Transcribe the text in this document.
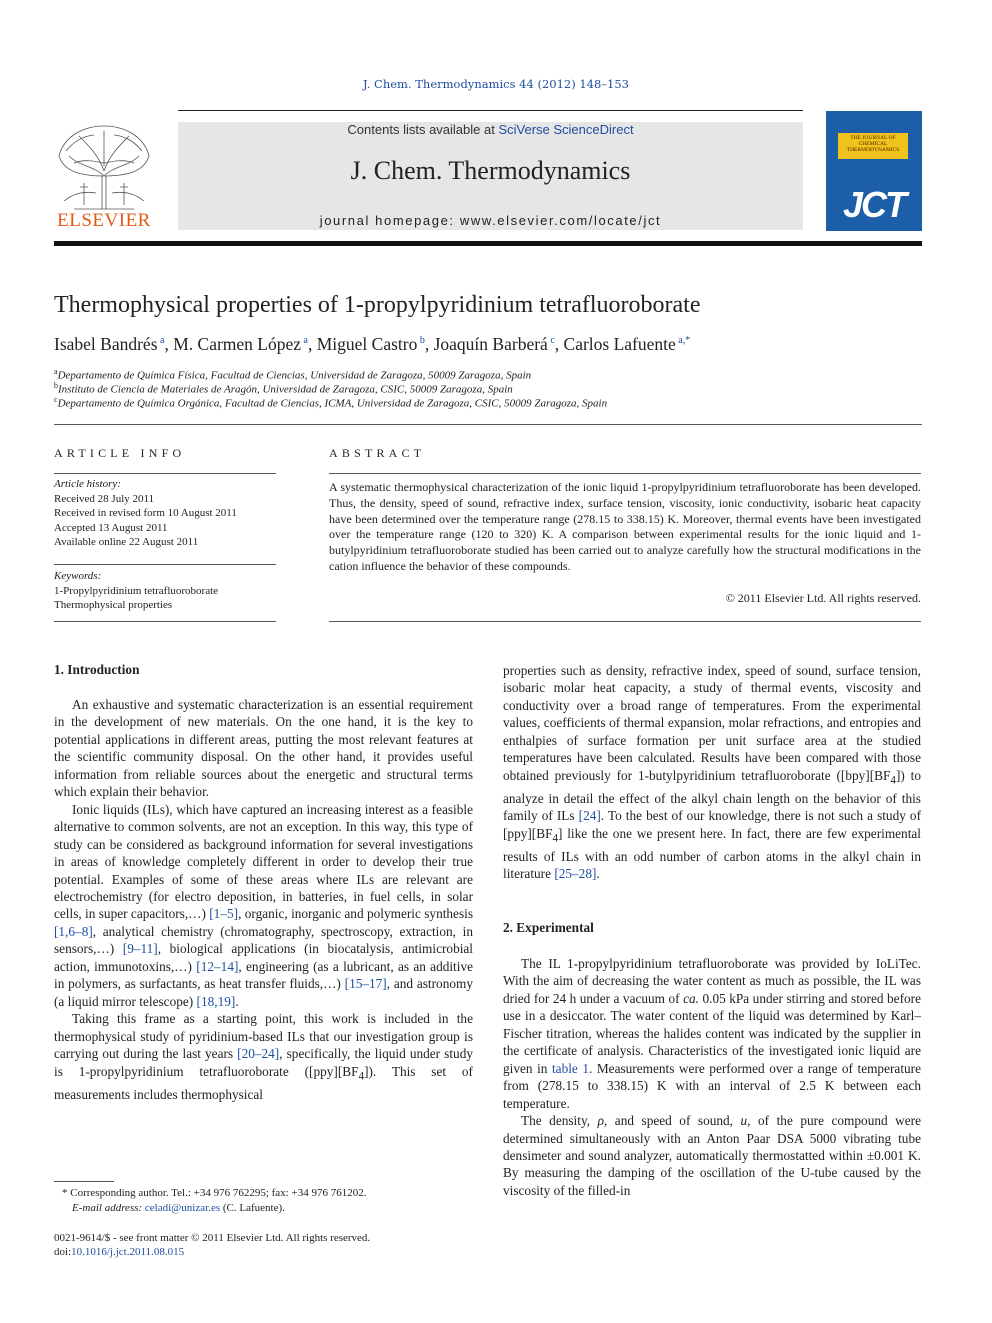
J. Chem. Thermodynamics 44 (2012) 148–153
ELSEVIER
Contents lists available at SciVerse ScienceDirect
J. Chem. Thermodynamics
journal homepage: www.elsevier.com/locate/jct
THE JOURNAL OF CHEMICAL THERMODYNAMICS
JCT
Thermophysical properties of 1-propylpyridinium tetrafluoroborate
Isabel Bandrés $^a$, M. Carmen López $^a$, Miguel Castro $^b$, Joaquín Barberá $^c$, Carlos Lafuente $^{a,*}$
$^a$Departamento de Química Física, Facultad de Ciencias, Universidad de Zaragoza, 50009 Zaragoza, Spain
$^b$Instituto de Ciencia de Materiales de Aragón, Universidad de Zaragoza, CSIC, 50009 Zaragoza, Spain
$^c$Departamento de Química Orgánica, Facultad de Ciencias, ICMA, Universidad de Zaragoza, CSIC, 50009 Zaragoza, Spain
ARTICLE INFO
Article history:
Received 28 July 2011
Received in revised form 10 August 2011
Accepted 13 August 2011
Available online 22 August 2011
Keywords:
1-Propylpyridinium tetrafluoroborate
Thermophysical properties
ABSTRACT
A systematic thermophysical characterization of the ionic liquid 1-propylpyridinium tetrafluoroborate has been developed. Thus, the density, speed of sound, refractive index, surface tension, viscosity, ionic conductivity, isobaric heat capacity have been determined over the temperature range (278.15 to 338.15) K. Moreover, thermal events have been investigated over the temperature range (120 to 320) K. A comparison between experimental results for the ionic liquid and 1-butylpyridinium tetrafluoroborate studied has been carried out to analyze carefully how the structural modifications in the cation influence the behavior of these compounds.
© 2011 Elsevier Ltd. All rights reserved.
1. Introduction

An exhaustive and systematic characterization is an essential requirement in the development of new materials. On the one hand, it is the key to potential applications in different areas, putting the most relevant features at the scientific community disposal. On the other hand, it provides useful information from reliable sources about the energetic and structural terms which explain their behavior.

Ionic liquids (ILs), which have captured an increasing interest as a feasible alternative to common solvents, are not an exception. In this way, this type of study can be considered as background information for several investigations in areas of knowledge completely different in order to develop their true potential. Examples of some of these areas where ILs are relevant are electrochemistry (for electro deposition, in batteries, in fuel cells, in solar cells, in super capacitors,…) [1–5], organic, inorganic and polymeric synthesis [1,6–8], analytical chemistry (chromatography, spectroscopy, extraction, in sensors,…) [9–11], biological applications (in biocatalysis, antimicrobial action, immunotoxins,…) [12–14], engineering (as a lubricant, as an additive in polymers, as surfactants, as heat transfer fluids,…) [15–17], and astronomy (a liquid mirror telescope) [18,19].

Taking this frame as a starting point, this work is included in the thermophysical study of pyridinium-based ILs that our investigation group is carrying out during the last years [20–24], specifically, the liquid under study is 1-propylpyridinium tetrafluoroborate $([ppy][BF_4])$. This set of measurements includes thermophysical

properties such as density, refractive index, speed of sound, surface tension, isobaric molar heat capacity, a study of thermal events, viscosity and conductivity over a broad range of temperatures. From the experimental values, coefficients of thermal expansion, molar refractions, and entropies and enthalpies of surface formation per unit surface area at the studied temperatures have been calculated. Results have been compared with those obtained previously for 1-butylpyridinium tetrafluoroborate $([bpy][BF_4])$ to analyze in detail the effect of the alkyl chain length on the behavior of this family of ILs [24]. To the best of our knowledge, there is not such a study of $[ppy][BF_4]$ like the one we present here. In fact, there are few experimental results of ILs with an odd number of carbon atoms in the alkyl chain in literature [25–28].
2. Experimental

The IL 1-propylpyridinium tetrafluoroborate was provided by IoLiTec. With the aim of decreasing the water content as much as possible, the IL was dried for 24 h under a vacuum of ca. 0.05 kPa under stirring and stored before use in a desiccator. The water content of the liquid was determined by Karl–Fischer titration, whereas the halides content was indicated by the supplier in the certificate of analysis. Characteristics of the investigated ionic liquid are given in table 1. Measurements were performed over a range of temperature from (278.15 to 338.15) K with an interval of 2.5 K between each temperature.

The density, ρ, and speed of sound, u, of the pure compound were determined simultaneously with an Anton Paar DSA 5000 vibrating tube densimeter and sound analyzer, automatically thermostatted within ±0.001 K. By measuring the damping of the oscillation of the U-tube caused by the viscosity of the filled-in

* Corresponding author. Tel.: +34 976 762295; fax: +34 976 761202.
E-mail address: celadi@unizar.es (C. Lafuente).
0021-9614/$ - see front matter © 2011 Elsevier Ltd. All rights reserved.
doi:10.1016/j.jct.2011.08.015
